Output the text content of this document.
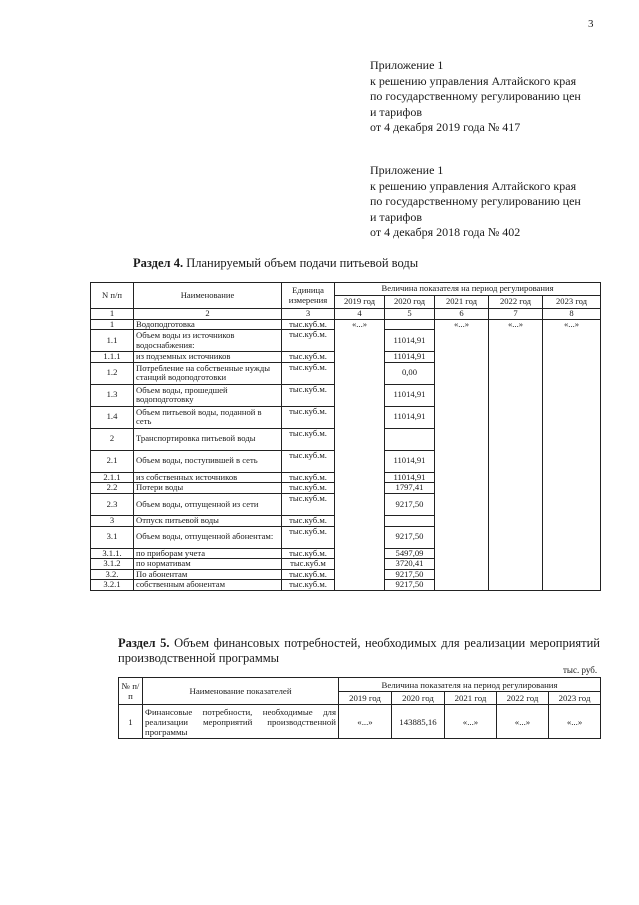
3
Приложение 1
к решению управления Алтайского края
по государственному регулированию цен
и тарифов
от 4 декабря 2019 года № 417
Приложение 1
к решению управления Алтайского края
по государственному регулированию цен
и тарифов
от 4 декабря 2018 года № 402
Раздел 4. Планируемый объем подачи питьевой воды
N п/п	Наименование	Единица измерения	Величина показателя на период регулирования				
			2019 год	2020 год	2021 год	2022 год	2023 год
1	2	3	4	5	6	7	8
1	Водоподготовка	тыс.куб.м.	«...»		«...»	«...»	«...»
1.1	Объем воды из источников водоснабжения:	тыс.куб.м.		11014,91			
1.1.1	из подземных источников	тыс.куб.м.		11014,91			
1.2	Потребление на собственные нужды станций водоподготовки	тыс.куб.м.		0,00			
1.3	Объем воды, прошедшей водоподготовку	тыс.куб.м.		11014,91			
1.4	Объем питьевой воды, поданной в сеть	тыс.куб.м.		11014,91			
2	Транспортировка питьевой воды	тыс.куб.м.					
2.1	Объем воды, поступившей в сеть	тыс.куб.м.		11014,91			
2.1.1	из собственных источников	тыс.куб.м.		11014,91			
2.2	Потери воды	тыс.куб.м.		1797,41			
2.3	Объем воды, отпущенной из сети	тыс.куб.м.		9217,50			
3	Отпуск питьевой воды	тыс.куб.м.					
3.1	Объем воды, отпущенной абонентам:	тыс.куб.м.		9217,50			
3.1.1.	по приборам учета	тыс.куб.м.		5497,09			
3.1.2	по нормативам	тыс.куб.м		3720,41			
3.2.	По абонентам	тыс.куб.м.		9217,50			
3.2.1	собственным абонентам	тыс.куб.м.		9217,50			
Раздел 5. Объем финансовых потребностей, необходимых для реализации мероприятий производственной программы
тыс. руб.
№ п/п	Наименование показателей	Величина показателя на период регулирования				
		2019 год	2020 год	2021 год	2022 год	2023 год
1	Финансовые потребности, необходимые для реализации мероприятий производственной программы	«...»	143885,16	«...»	«...»	«...»
